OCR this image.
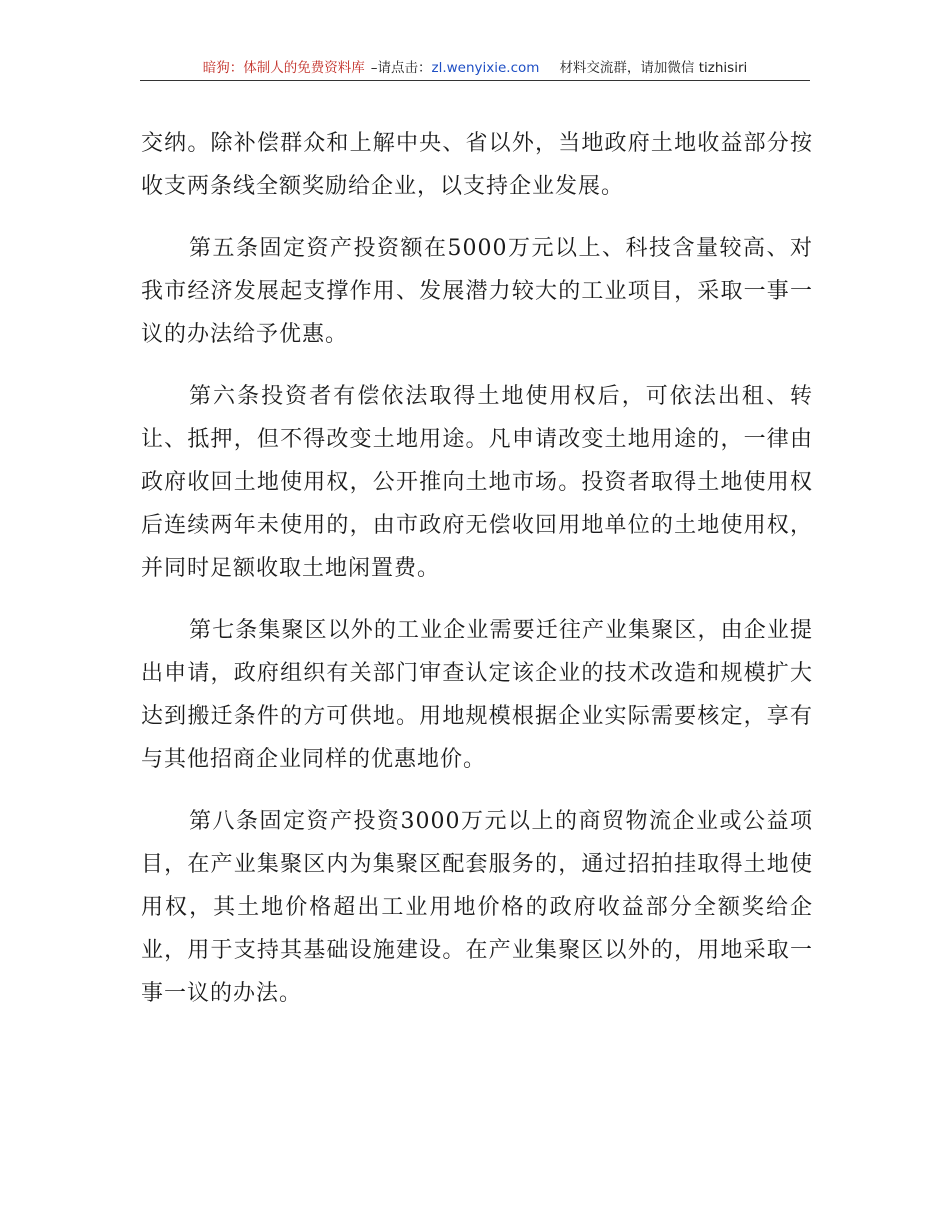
暗狗：体制人的免费资料库 –请点击： zl.wenyixie.com 材料交流群，请加微信 tizhisiri

交纳。除补偿群众和上解中央、省以外，当地政府土地收益部分按收支两条线全额奖励给企业，以支持企业发展。

第五条固定资产投资额在5000万元以上、科技含量较高、对我市经济发展起支撑作用、发展潜力较大的工业项目，采取一事一议的办法给予优惠。

第六条投资者有偿依法取得土地使用权后，可依法出租、转让、抵押，但不得改变土地用途。凡申请改变土地用途的，一律由政府收回土地使用权，公开推向土地市场。投资者取得土地使用权后连续两年未使用的，由市政府无偿收回用地单位的土地使用权，并同时足额收取土地闲置费。

第七条集聚区以外的工业企业需要迁往产业集聚区，由企业提出申请，政府组织有关部门审查认定该企业的技术改造和规模扩大达到搬迁条件的方可供地。用地规模根据企业实际需要核定，享有与其他招商企业同样的优惠地价。

第八条固定资产投资3000万元以上的商贸物流企业或公益项目，在产业集聚区内为集聚区配套服务的，通过招拍挂取得土地使用权，其土地价格超出工业用地价格的政府收益部分全额奖给企业，用于支持其基础设施建设。在产业集聚区以外的，用地采取一事一议的办法。
